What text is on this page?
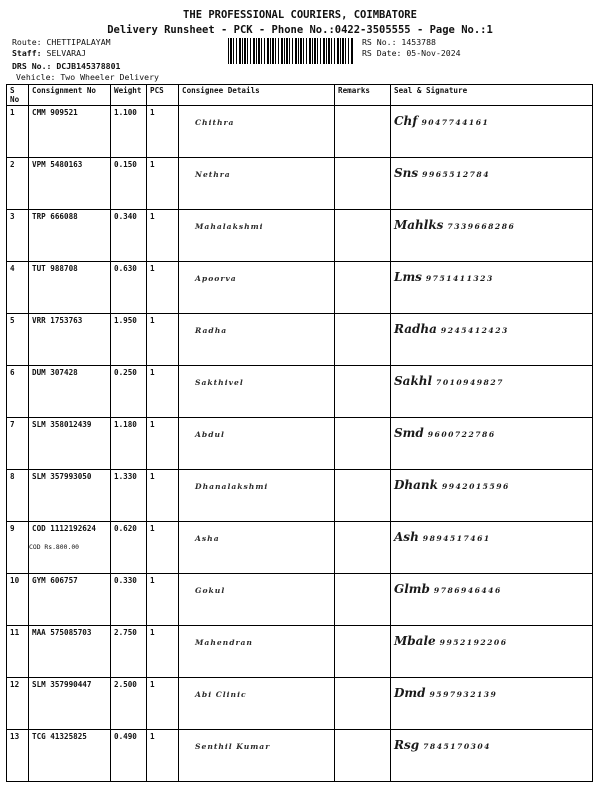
THE PROFESSIONAL COURIERS, COIMBATORE
Delivery Runsheet - PCK - Phone No.:0422-3505555 - Page No.:1
Route: CHETTIPALAYAM
Staff: SELVARAJ
DRS No.: DCJB145378801
Vehicle: Two Wheeler Delivery
RS No.: 1453788
RS Date: 05-Nov-2024
S No	Consignment No	Weight	PCS	Consignee Details	Remarks	Seal & Signature
1	CMM 909521	1.100	1	Chithra		Chf 9047744161
2	VPM 5480163	0.150	1	Nethra		Sns 9965512784
3	TRP 666088	0.340	1	Mahalakshmi		Mahlks 7339668286
4	TUT 988708	0.630	1	Apoorva		Lms 9751411323
5	VRR 1753763	1.950	1	Radha		Radha 9245412423
6	DUM 307428	0.250	1	Sakthivel		Sakhl 7010949827
7	SLM 358012439	1.180	1	Abdul		Smd 9600722786
8	SLM 357993050	1.330	1	Dhanalakshmi		Dhank 9942015596
9	COD 1112192624
COD Rs.800.00	0.620	1	Asha		Ash 9894517461
10	GYM 606757	0.330	1	Gokul		Glmb 9786946446
11	MAA 575085703	2.750	1	Mahendran		Mbale 9952192206
12	SLM 357990447	2.500	1	Abi Clinic		Dmd 9597932139
13	TCG 41325825	0.490	1	Senthil Kumar		Rsg 7845170304
